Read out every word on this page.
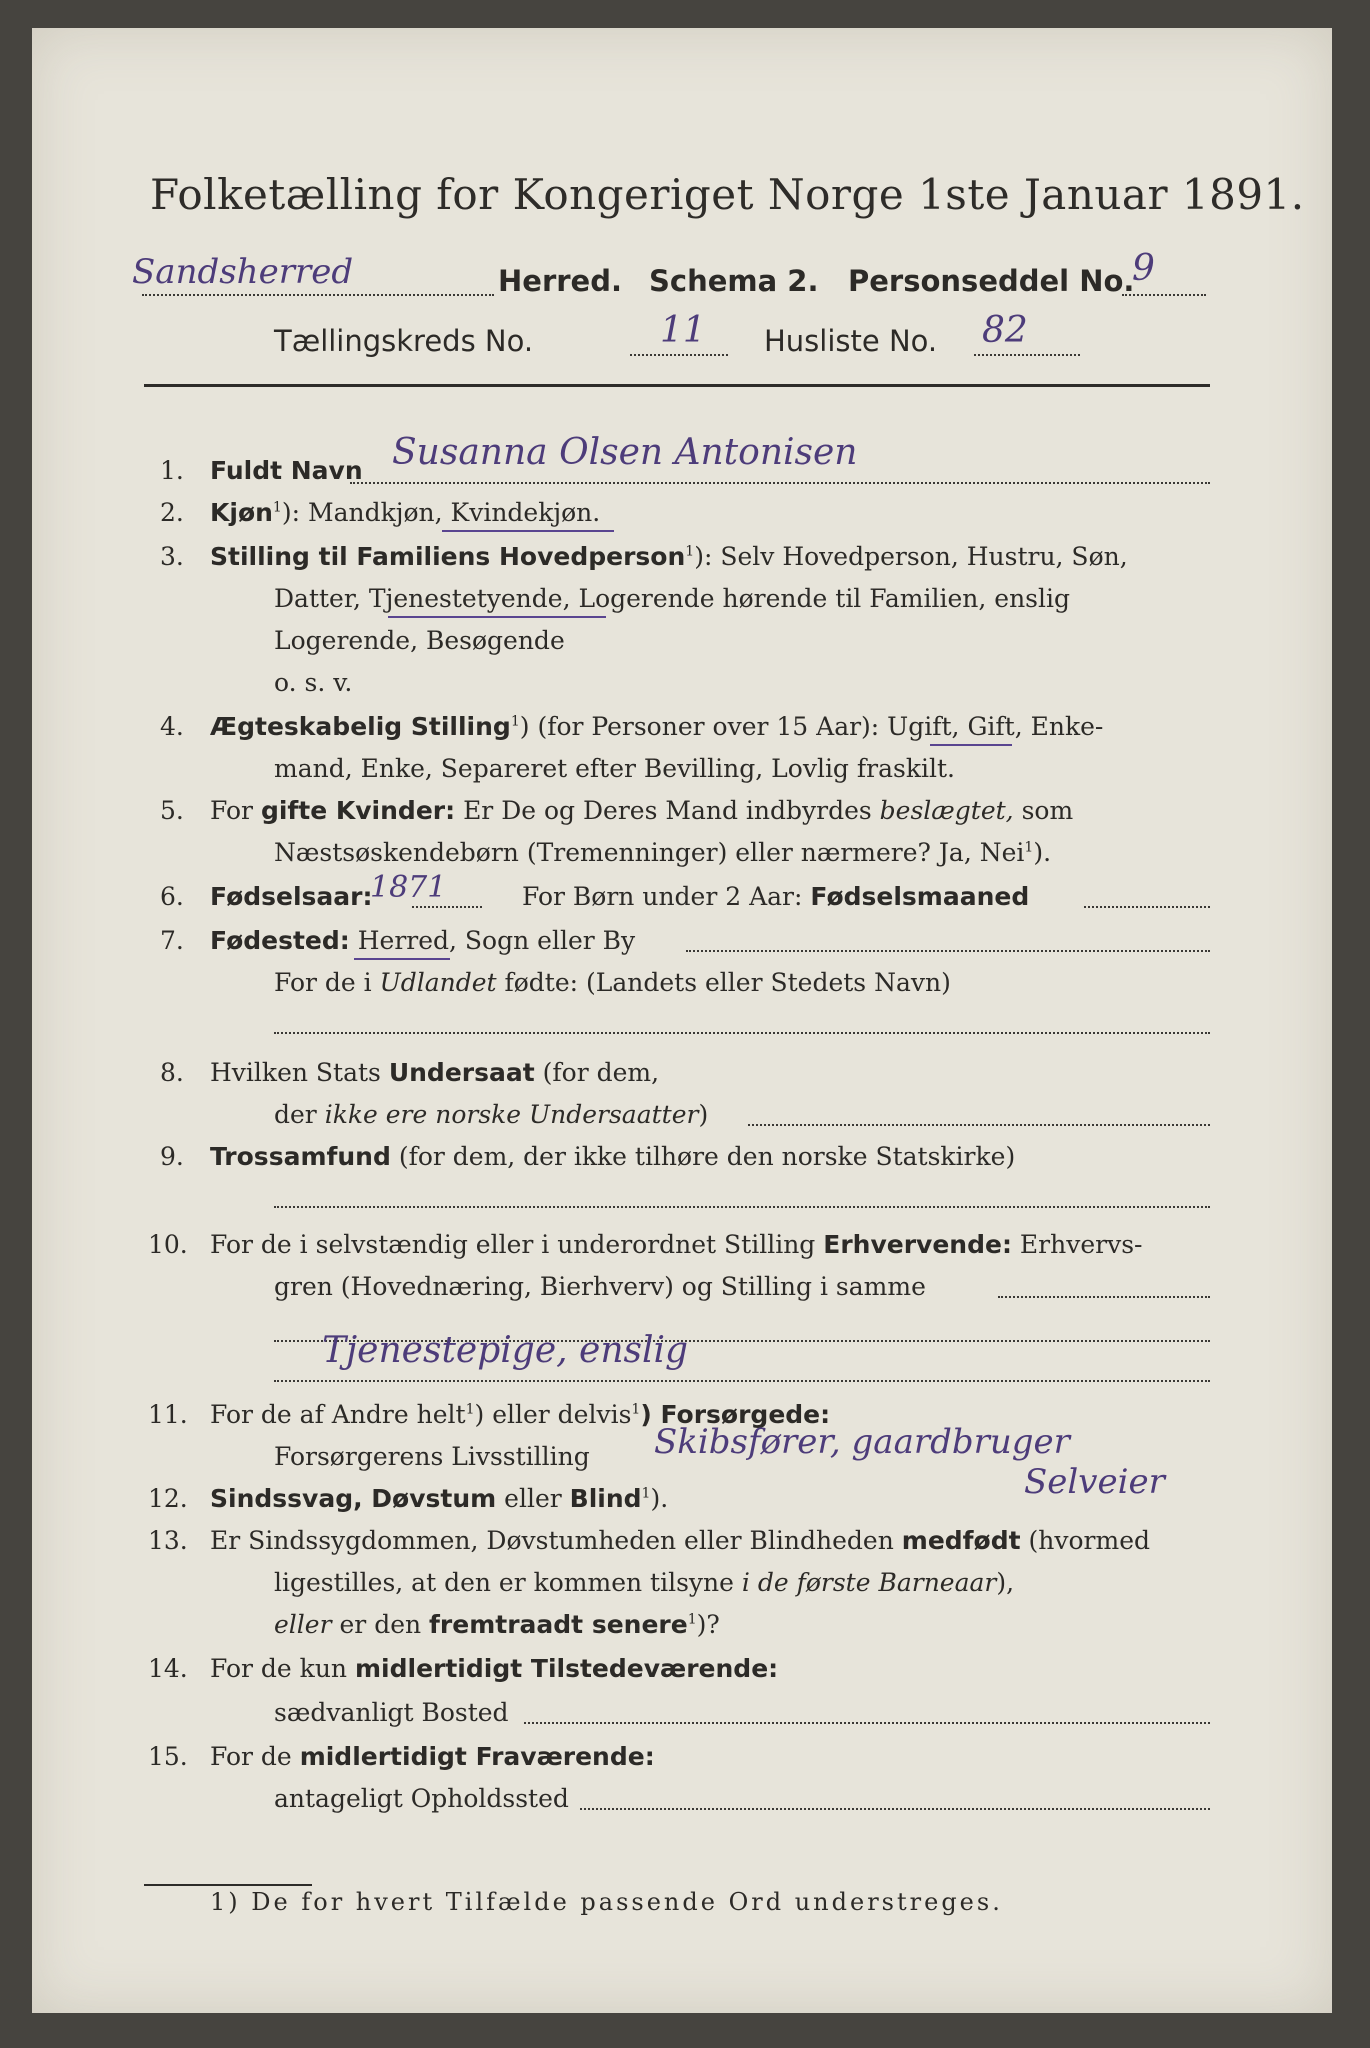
Folketælling for Kongeriget Norge 1ste Januar 1891.
Sandsherred	Herred. Schema 2. Personseddel No.
9
Tællingskreds No.	11 Husliste No. 82
1. Fuldt Navn Susanna Olsen Antonisen
2. Kjøn$^1$): Mandkjøn, Kvindekjøn.
3. Stilling til Familiens Hovedperson$^1$): Selv Hovedperson, Hustru, Søn,
Datter, Tjenestetyende, Logerende hørende til Familien, enslig
Logerende, Besøgende
o. s. v.
4. Ægteskabelig Stilling$^1$) (for Personer over 15 Aar): Ugift, Gift, Enke-
mand, Enke, Separeret efter Bevilling, Lovlig fraskilt.
5. For gifte Kvinder: Er De og Deres Mand indbyrdes beslægtet, som
Næstsøskendebørn (Tremenninger) eller nærmere? Ja, Nei$^1$).
6. Fødselsaar:
1871	For Børn under 2 Aar: Fødselsmaaned
7. Fødested: Herred, Sogn eller By
For de i Udlandet fødte: (Landets eller Stedets Navn)
8. Hvilken Stats Undersaat (for dem,
der ikke ere norske Undersaatter)
9. Trossamfund (for dem, der ikke tilhøre den norske Statskirke)
10. For de i selvstændig eller i underordnet Stilling Erhvervende: Erhvervs-
gren (Hovednæring, Bierhverv) og Stilling i samme
Tjenestepige, enslig
11. For de af Andre helt$^1$) eller delvis$^1$) Forsørgede:
Forsørgerens Livsstilling Skibsfører, gaardbruger
Selveier
12. Sindssvag, Døvstum eller Blind$^1$).
13. Er Sindssygdommen, Døvstumheden eller Blindheden medfødt (hvormed
ligestilles, at den er kommen tilsyne i de første Barneaar),
eller er den fremtraadt senere$^1$)?
14. For de kun midlertidigt Tilstedeværende:
sædvanligt Bosted
15. For de midlertidigt Fraværende:
antageligt Opholdssted
1) De for hvert Tilfælde passende Ord understreges.
